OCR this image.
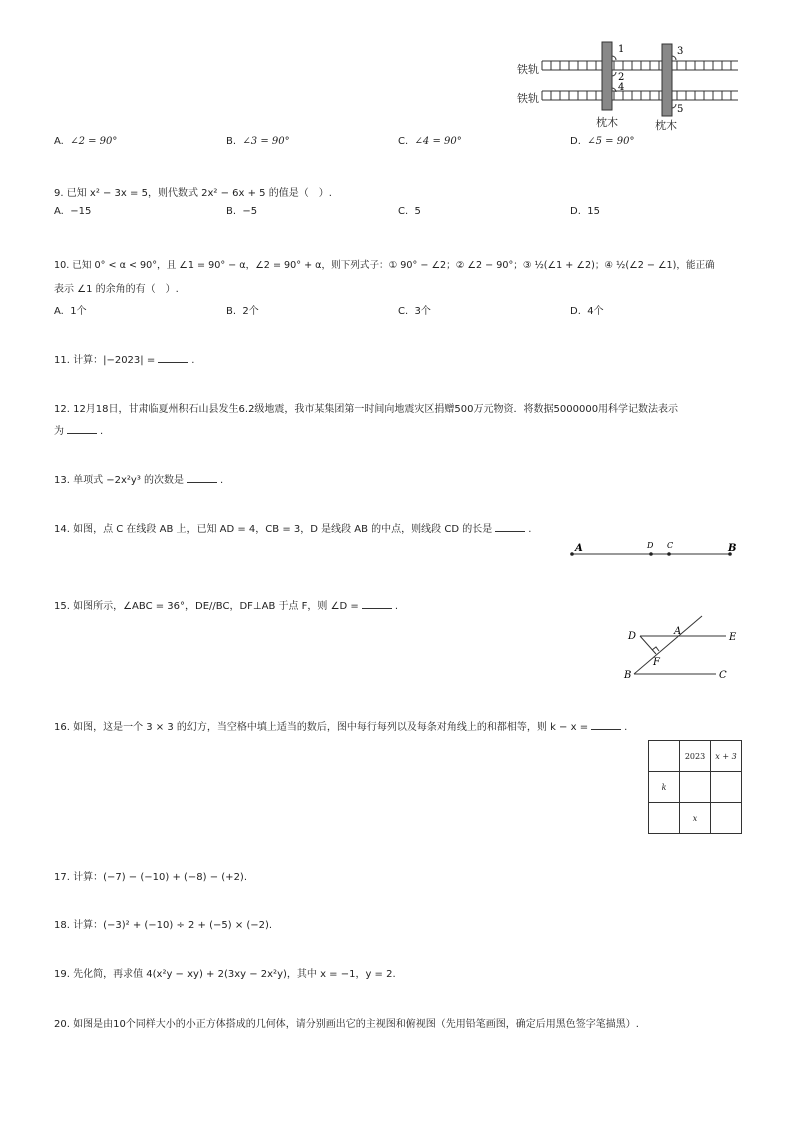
1
2
3
4
5
铁轨
铁轨
枕木	枕木
A. ∠2 = 90°	B. ∠3 = 90°	C. ∠4 = 90°	D. ∠5 = 90°
9. 已知 x² − 3x = 5，则代数式 2x² − 6x + 5 的值是（　）.
A. −15	B. −5	C. 5	D. 15
10. 已知 0° < α < 90°，且 ∠1 = 90° − α，∠2 = 90° + α，则下列式子：① 90° − ∠2；② ∠2 − 90°；③ ½(∠1 + ∠2)；④ ½(∠2 − ∠1)，能正确
表示 ∠1 的余角的有（　）.
A. 1个	B. 2个	C. 3个	D. 4个
11. 计算：|−2023| =	.
12. 12月18日，甘肃临夏州积石山县发生6.2级地震，我市某集团第一时间向地震灾区捐赠500万元物资．将数据5000000用科学记数法表示
为	.
13. 单项式 −2x²y³ 的次数是	.
14. 如图，点 C 在线段 AB 上，已知 AD = 4，CB = 3，D 是线段 AB 的中点，则线段 CD 的长是	.
A	D C	B
15. 如图所示，∠ABC = 36°，DE//BC，DF⊥AB 于点 F，则 ∠D =	.
D	A
E
F
B	C
16. 如图，这是一个 3 × 3 的幻方，当空格中填上适当的数后，图中每行每列以及每条对角线上的和都相等，则 k − x =	.
	2023	x + 3
k		
	x	
17. 计算：(−7) − (−10) + (−8) − (+2).
18. 计算：(−3)² + (−10) ÷ 2 + (−5) × (−2).
19. 先化简，再求值 4(x²y − xy) + 2(3xy − 2x²y)，其中 x = −1，y = 2.
20. 如图是由10个同样大小的小正方体搭成的几何体，请分别画出它的主视图和俯视图（先用铅笔画图，确定后用黑色签字笔描黑）.
